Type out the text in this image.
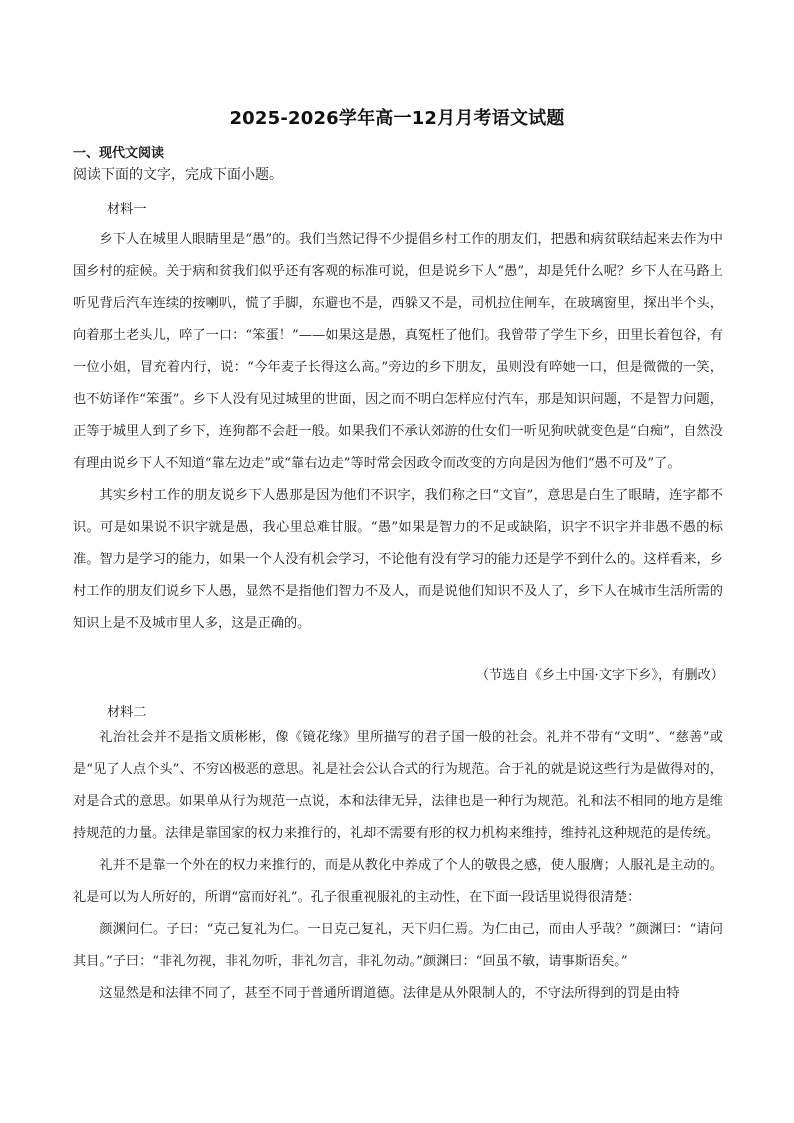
2025-2026学年高一12月月考语文试题
一、现代文阅读
阅读下面的文字，完成下面小题。
材料一

乡下人在城里人眼睛里是“愚”的。我们当然记得不少提倡乡村工作的朋友们，把愚和病贫联结起来去作为中国乡村的症候。关于病和贫我们似乎还有客观的标准可说，但是说乡下人“愚”，却是凭什么呢？乡下人在马路上听见背后汽车连续的按喇叭，慌了手脚，东避也不是，西躲又不是，司机拉住闸车，在玻璃窗里，探出半个头，向着那土老头儿，啐了一口：“笨蛋！”——如果这是愚，真冤枉了他们。我曾带了学生下乡，田里长着包谷，有一位小姐，冒充着内行，说：“今年麦子长得这么高。”旁边的乡下朋友，虽则没有啐她一口，但是微微的一笑，也不妨译作“笨蛋”。乡下人没有见过城里的世面，因之而不明白怎样应付汽车，那是知识问题，不是智力问题，正等于城里人到了乡下，连狗都不会赶一般。如果我们不承认郊游的仕女们一听见狗吠就变色是“白痴”，自然没有理由说乡下人不知道“靠左边走”或“靠右边走”等时常会因政令而改变的方向是因为他们“愚不可及”了。

其实乡村工作的朋友说乡下人愚那是因为他们不识字，我们称之曰“文盲”，意思是白生了眼睛，连字都不识。可是如果说不识字就是愚，我心里总难甘服。“愚”如果是智力的不足或缺陷，识字不识字并非愚不愚的标准。智力是学习的能力，如果一个人没有机会学习，不论他有没有学习的能力还是学不到什么的。这样看来，乡村工作的朋友们说乡下人愚，显然不是指他们智力不及人，而是说他们知识不及人了，乡下人在城市生活所需的知识上是不及城市里人多，这是正确的。

（节选自《乡土中国·文字下乡》，有删改）
材料二

礼治社会并不是指文质彬彬，像《镜花缘》里所描写的君子国一般的社会。礼并不带有“文明”、“慈善”或是“见了人点个头”、不穷凶极恶的意思。礼是社会公认合式的行为规范。合于礼的就是说这些行为是做得对的，对是合式的意思。如果单从行为规范一点说，本和法律无异，法律也是一种行为规范。礼和法不相同的地方是维持规范的力量。法律是靠国家的权力来推行的，礼却不需要有形的权力机构来维持，维持礼这种规范的是传统。

礼并不是靠一个外在的权力来推行的，而是从教化中养成了个人的敬畏之感，使人服膺；人服礼是主动的。礼是可以为人所好的，所谓“富而好礼”。孔子很重视服礼的主动性，在下面一段话里说得很清楚：

颜渊问仁。子曰：“克己复礼为仁。一日克己复礼，天下归仁焉。为仁由己，而由人乎哉？”颜渊曰：“请问其目。”子曰：“非礼勿视，非礼勿听，非礼勿言，非礼勿动。”颜渊曰：“回虽不敏，请事斯语矣。”

这显然是和法律不同了，甚至不同于普通所谓道德。法律是从外限制人的，不守法所得到的罚是由特
